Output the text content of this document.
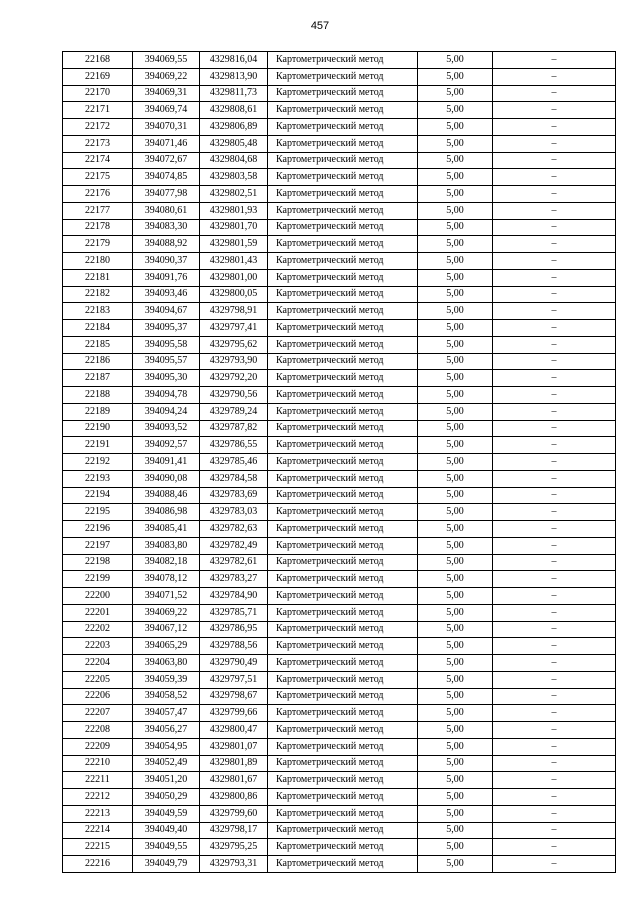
457
22168	394069,55	4329816,04	Картометрический метод	5,00	–
22169	394069,22	4329813,90	Картометрический метод	5,00	–
22170	394069,31	4329811,73	Картометрический метод	5,00	–
22171	394069,74	4329808,61	Картометрический метод	5,00	–
22172	394070,31	4329806,89	Картометрический метод	5,00	–
22173	394071,46	4329805,48	Картометрический метод	5,00	–
22174	394072,67	4329804,68	Картометрический метод	5,00	–
22175	394074,85	4329803,58	Картометрический метод	5,00	–
22176	394077,98	4329802,51	Картометрический метод	5,00	–
22177	394080,61	4329801,93	Картометрический метод	5,00	–
22178	394083,30	4329801,70	Картометрический метод	5,00	–
22179	394088,92	4329801,59	Картометрический метод	5,00	–
22180	394090,37	4329801,43	Картометрический метод	5,00	–
22181	394091,76	4329801,00	Картометрический метод	5,00	–
22182	394093,46	4329800,05	Картометрический метод	5,00	–
22183	394094,67	4329798,91	Картометрический метод	5,00	–
22184	394095,37	4329797,41	Картометрический метод	5,00	–
22185	394095,58	4329795,62	Картометрический метод	5,00	–
22186	394095,57	4329793,90	Картометрический метод	5,00	–
22187	394095,30	4329792,20	Картометрический метод	5,00	–
22188	394094,78	4329790,56	Картометрический метод	5,00	–
22189	394094,24	4329789,24	Картометрический метод	5,00	–
22190	394093,52	4329787,82	Картометрический метод	5,00	–
22191	394092,57	4329786,55	Картометрический метод	5,00	–
22192	394091,41	4329785,46	Картометрический метод	5,00	–
22193	394090,08	4329784,58	Картометрический метод	5,00	–
22194	394088,46	4329783,69	Картометрический метод	5,00	–
22195	394086,98	4329783,03	Картометрический метод	5,00	–
22196	394085,41	4329782,63	Картометрический метод	5,00	–
22197	394083,80	4329782,49	Картометрический метод	5,00	–
22198	394082,18	4329782,61	Картометрический метод	5,00	–
22199	394078,12	4329783,27	Картометрический метод	5,00	–
22200	394071,52	4329784,90	Картометрический метод	5,00	–
22201	394069,22	4329785,71	Картометрический метод	5,00	–
22202	394067,12	4329786,95	Картометрический метод	5,00	–
22203	394065,29	4329788,56	Картометрический метод	5,00	–
22204	394063,80	4329790,49	Картометрический метод	5,00	–
22205	394059,39	4329797,51	Картометрический метод	5,00	–
22206	394058,52	4329798,67	Картометрический метод	5,00	–
22207	394057,47	4329799,66	Картометрический метод	5,00	–
22208	394056,27	4329800,47	Картометрический метод	5,00	–
22209	394054,95	4329801,07	Картометрический метод	5,00	–
22210	394052,49	4329801,89	Картометрический метод	5,00	–
22211	394051,20	4329801,67	Картометрический метод	5,00	–
22212	394050,29	4329800,86	Картометрический метод	5,00	–
22213	394049,59	4329799,60	Картометрический метод	5,00	–
22214	394049,40	4329798,17	Картометрический метод	5,00	–
22215	394049,55	4329795,25	Картометрический метод	5,00	–
22216	394049,79	4329793,31	Картометрический метод	5,00	–
